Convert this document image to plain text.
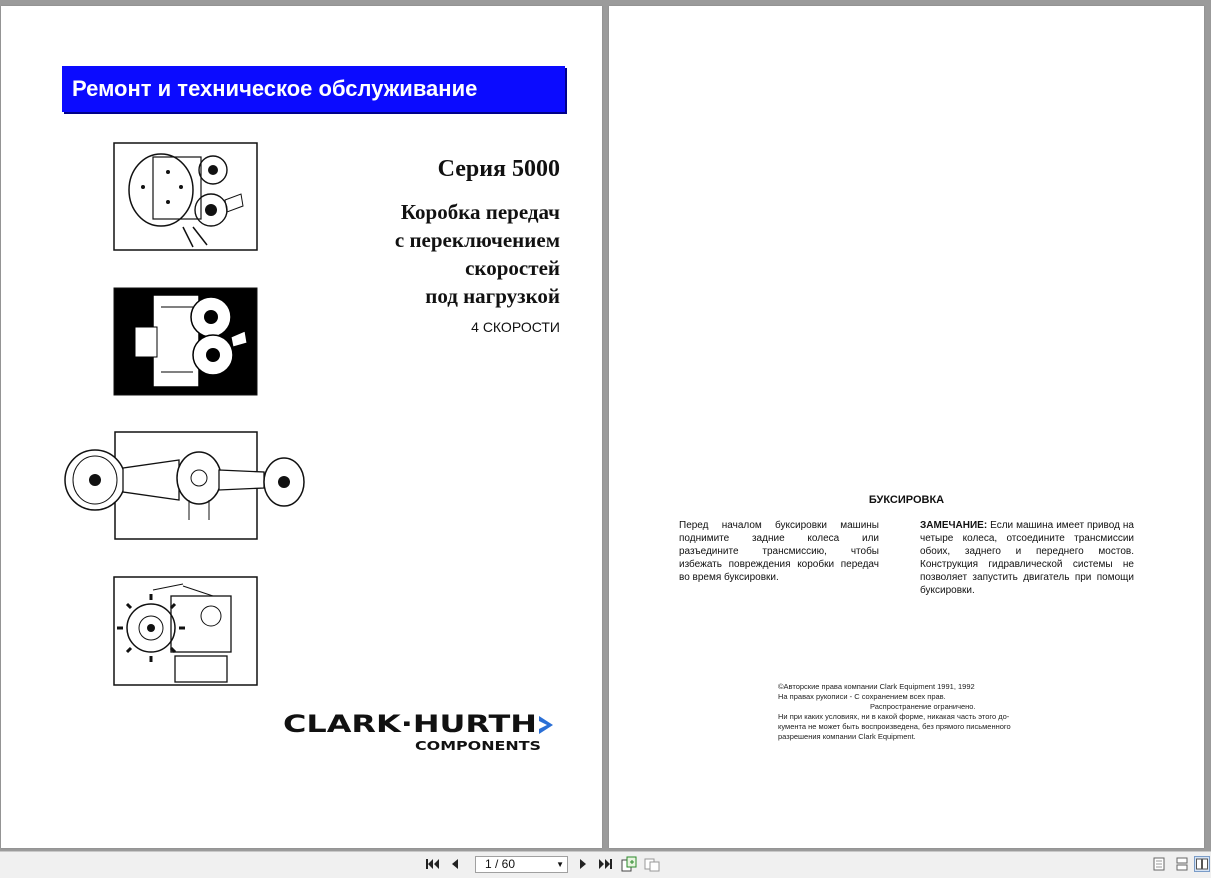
Ремонт и техническое обслуживание
Серия 5000
Коробка передач
с переключением
скоростей
под нагрузкой
4 СКОРОСТИ
CLARK·HURTH
COMPONENTS
БУКСИРОВКА
Перед началом буксировки машины поднимите задние колеса или разъедините трансмиссию, чтобы избежать повреждения коробки передач во время буксировки.
ЗАМЕЧАНИЕ: Если машина имеет привод на четыре колеса, отсоедините трансмиссии обоих, заднего и переднего мостов. Конструкция гидравлической системы не позволяет запустить двигатель при помощи буксировки.
©Авторские права компании Clark Equipment 1991, 1992
На правах рукописи - С сохранением всех прав.
Распространение ограничено.
Ни при каких условиях, ни в какой форме, никакая часть этого до-
кумента не может быть воспроизведена, без прямого письменного
разрешения компании Clark Equipment.
1 / 60	▼
